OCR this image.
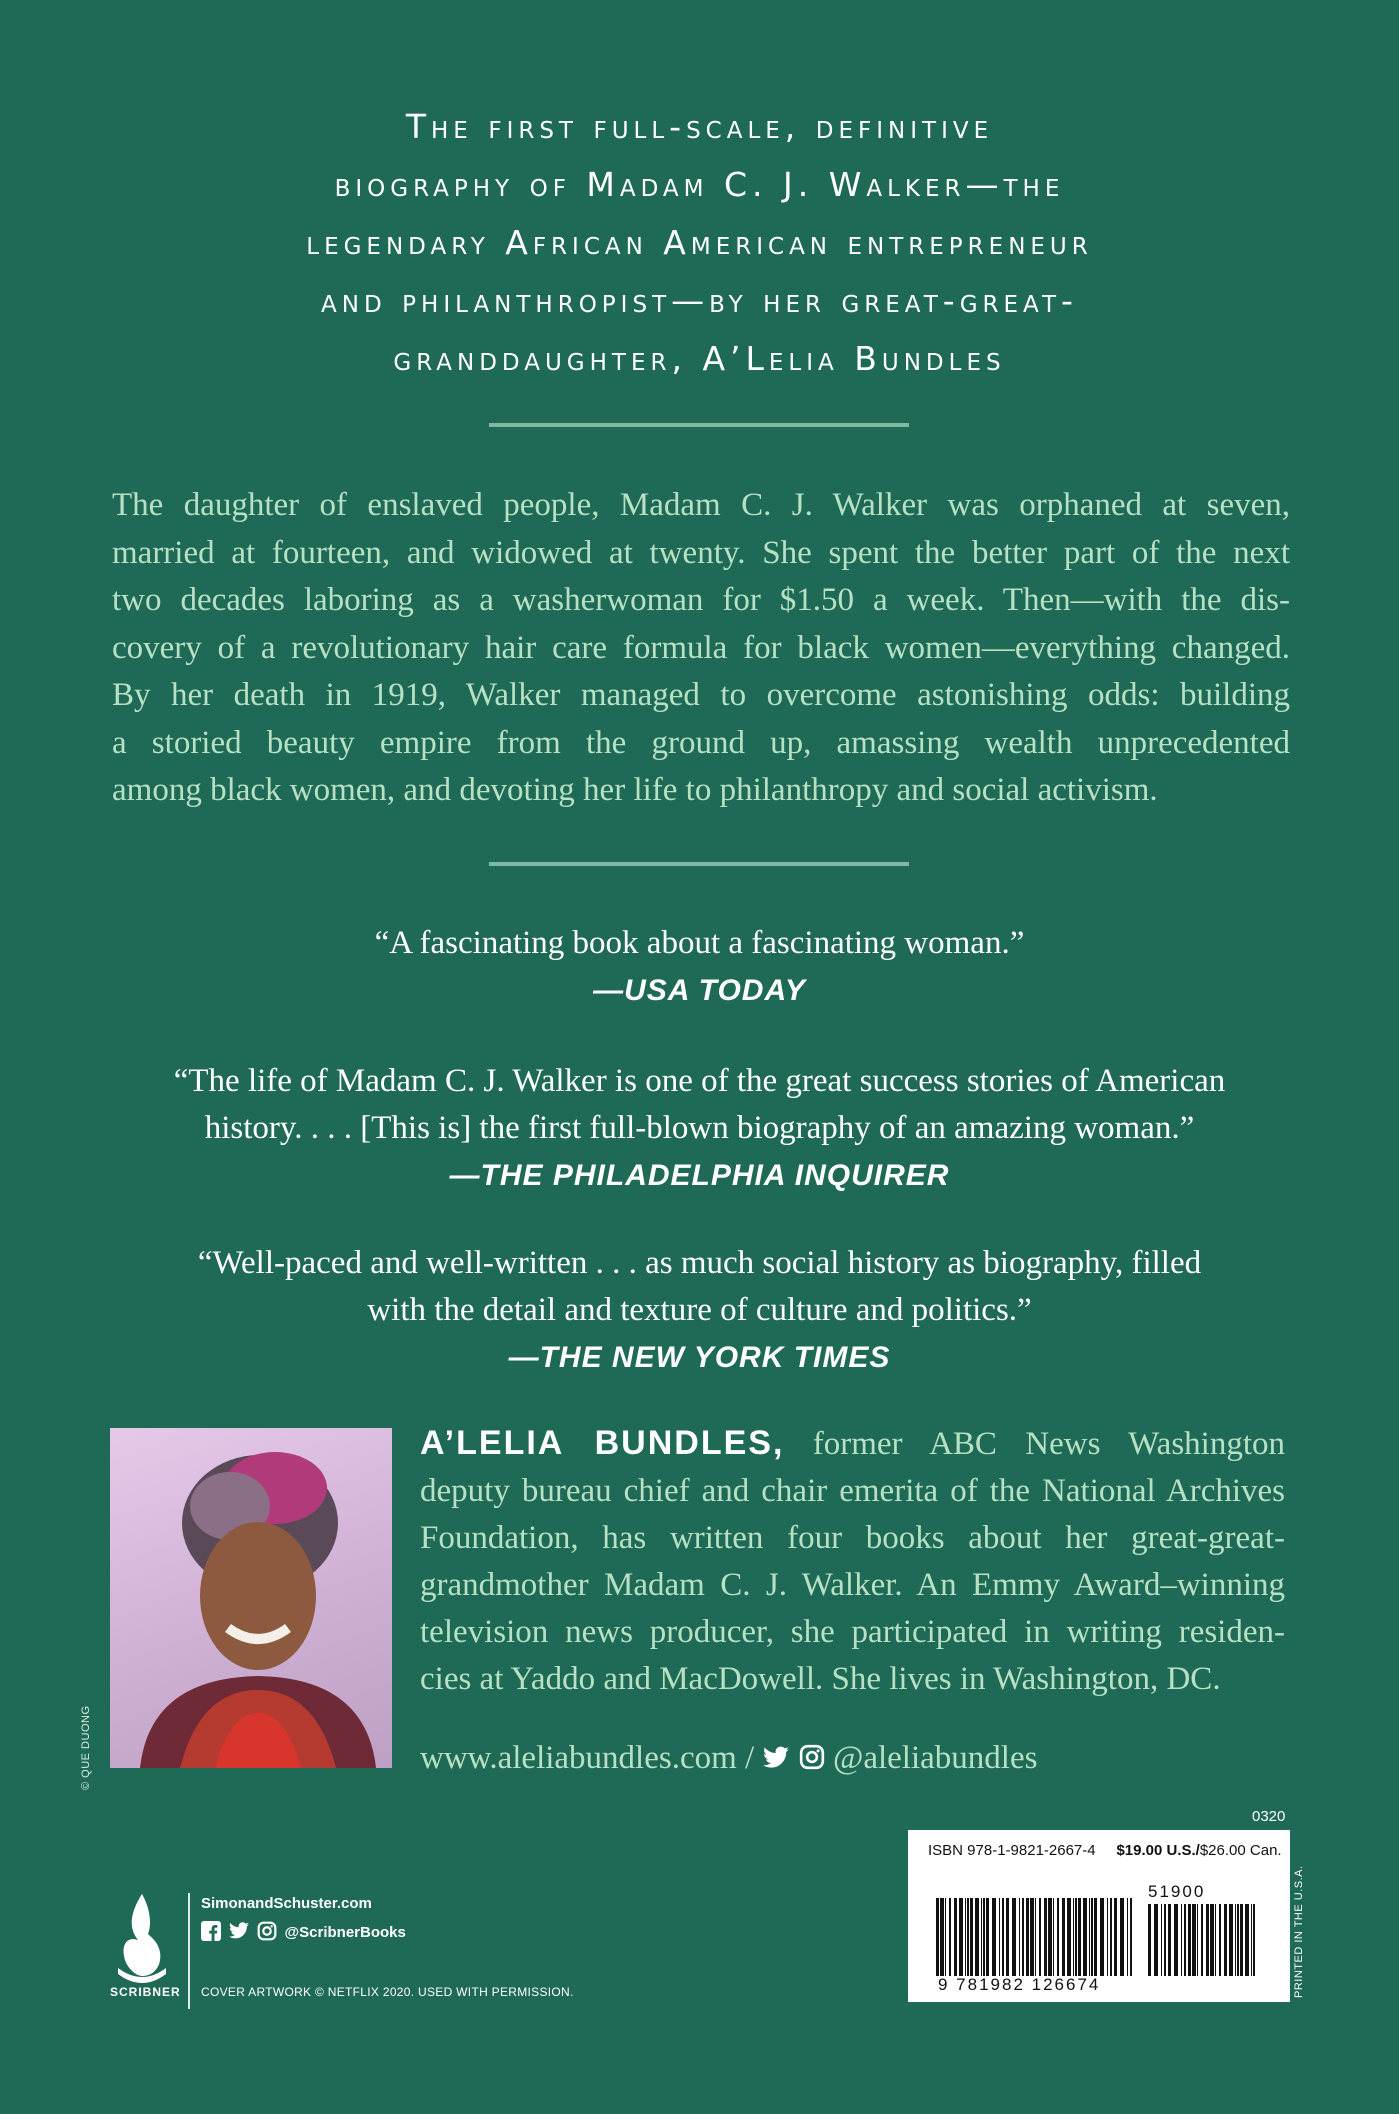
The first full-scale, definitive
biography of Madam C. J. Walker—the
legendary African American entrepreneur
and philanthropist—by her great-great-
granddaughter, A’Lelia Bundles
The daughter of enslaved people, Madam C. J. Walker was orphaned at seven,
married at fourteen, and widowed at twenty. She spent the better part of the next
two decades laboring as a washerwoman for $1.50 a week. Then—with the dis-
covery of a revolutionary hair care formula for black women—everything changed.
By her death in 1919, Walker managed to overcome astonishing odds: building
a storied beauty empire from the ground up, amassing wealth unprecedented
among black women, and devoting her life to philanthropy and social activism.
“A fascinating book about a fascinating woman.”
—USA TODAY
“The life of Madam C. J. Walker is one of the great success stories of American
history. . . . [This is] the first full-blown biography of an amazing woman.”
—THE PHILADELPHIA INQUIRER
“Well-paced and well-written . . . as much social history as biography, filled
with the detail and texture of culture and politics.”
—THE NEW YORK TIMES
© QUE DUONG
A’LELIA BUNDLES, former ABC News Washington
deputy bureau chief and chair emerita of the National Archives
Foundation, has written four books about her great-great-
grandmother Madam C. J. Walker. An Emmy Award–winning
television news producer, she participated in writing residen-
cies at Yaddo and MacDowell. She lives in Washington, DC.
www.aleliabundles.com / @aleliabundles
0320
ISBN 978-1-9821-2667-4 $19.00 U.S./$26.00 Can.
9 781982 126674
51900	PRINTED IN THE U.S.A.
SCRIBNER
SimonandSchuster.com
@ScribnerBooks
COVER ARTWORK © NETFLIX 2020. USED WITH PERMISSION.
